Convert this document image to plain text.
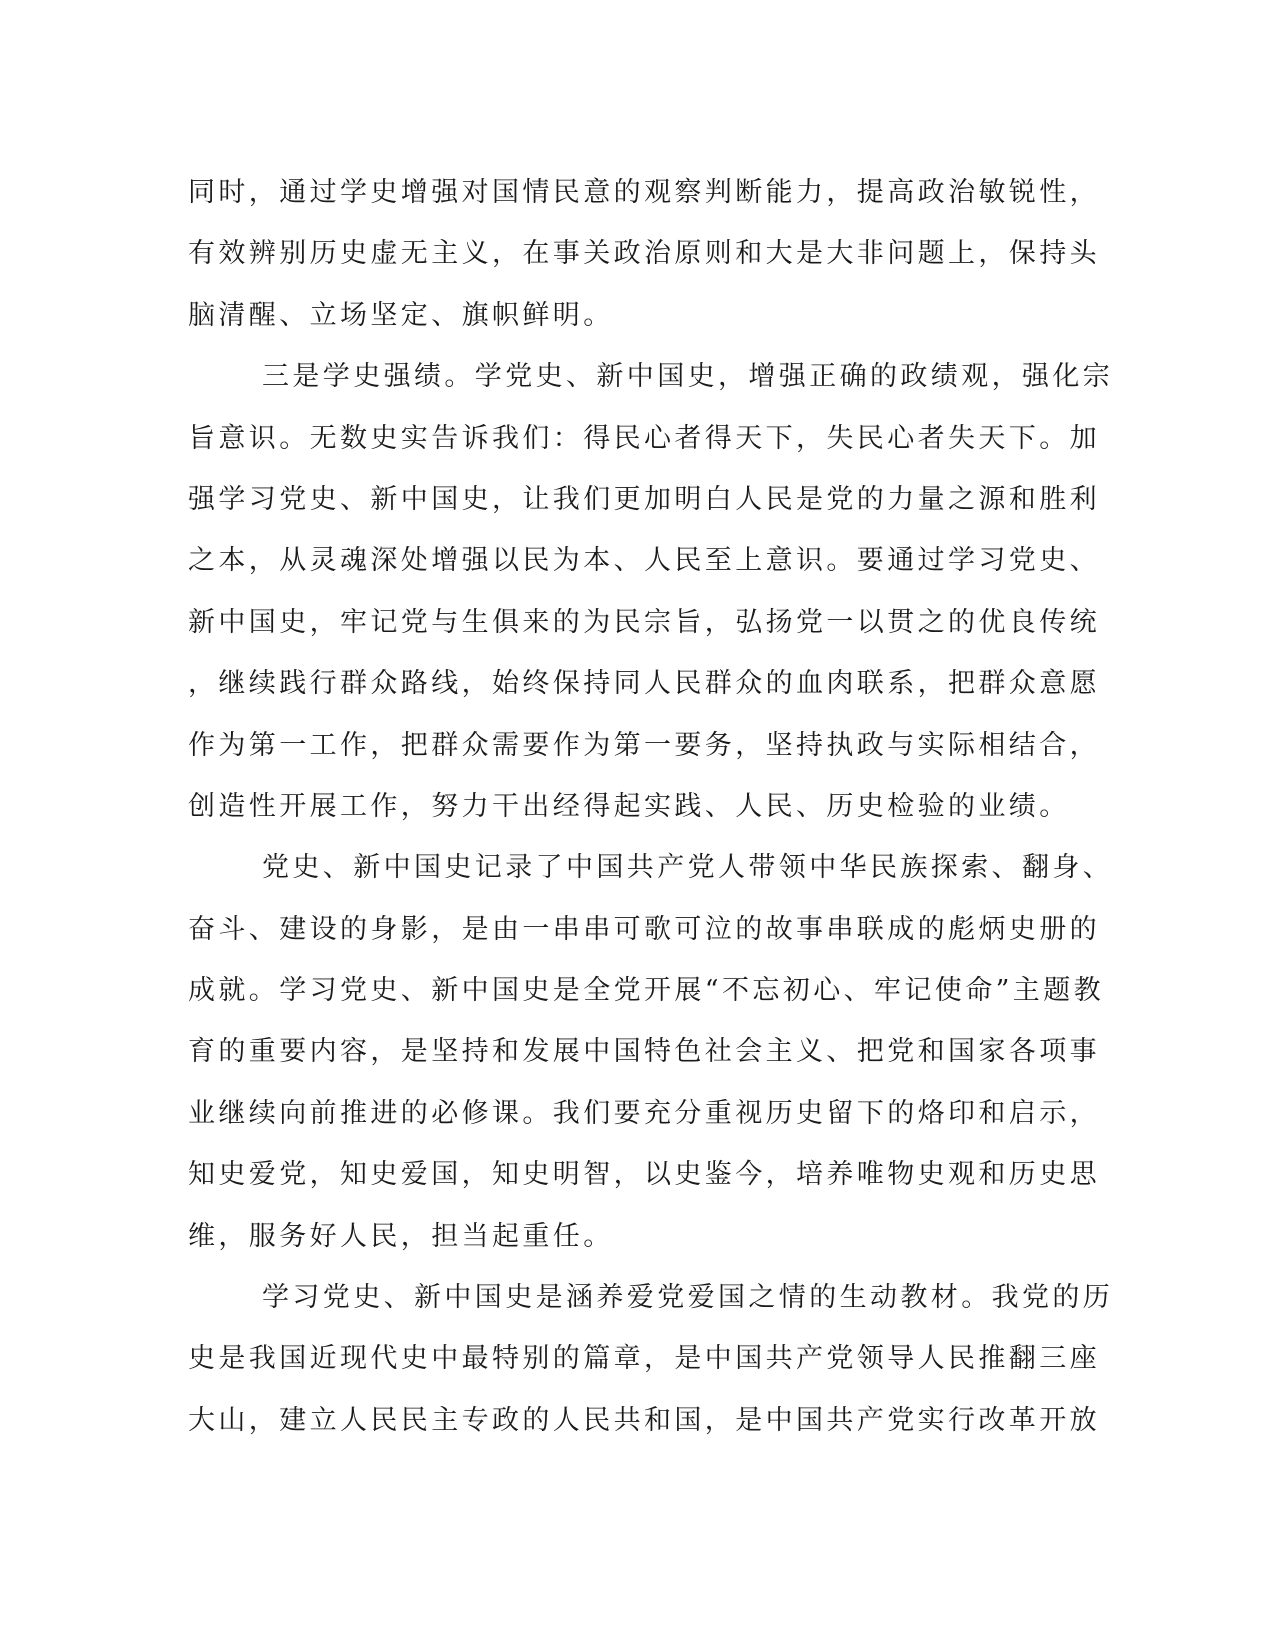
同时，通过学史增强对国情民意的观察判断能力，提高政治敏锐性，
有效辨别历史虚无主义，在事关政治原则和大是大非问题上，保持头
脑清醒、立场坚定、旗帜鲜明。
三是学史强绩。学党史、新中国史，增强正确的政绩观，强化宗
旨意识。无数史实告诉我们：得民心者得天下，失民心者失天下。加
强学习党史、新中国史，让我们更加明白人民是党的力量之源和胜利
之本，从灵魂深处增强以民为本、人民至上意识。要通过学习党史、
新中国史，牢记党与生俱来的为民宗旨，弘扬党一以贯之的优良传统
，继续践行群众路线，始终保持同人民群众的血肉联系，把群众意愿
作为第一工作，把群众需要作为第一要务，坚持执政与实际相结合，
创造性开展工作，努力干出经得起实践、人民、历史检验的业绩。
党史、新中国史记录了中国共产党人带领中华民族探索、翻身、
奋斗、建设的身影，是由一串串可歌可泣的故事串联成的彪炳史册的
成就。学习党史、新中国史是全党开展“不忘初心、牢记使命”主题教
育的重要内容，是坚持和发展中国特色社会主义、把党和国家各项事
业继续向前推进的必修课。我们要充分重视历史留下的烙印和启示，
知史爱党，知史爱国，知史明智，以史鉴今，培养唯物史观和历史思
维，服务好人民，担当起重任。
学习党史、新中国史是涵养爱党爱国之情的生动教材。我党的历
史是我国近现代史中最特别的篇章，是中国共产党领导人民推翻三座
大山，建立人民民主专政的人民共和国，是中国共产党实行改革开放
